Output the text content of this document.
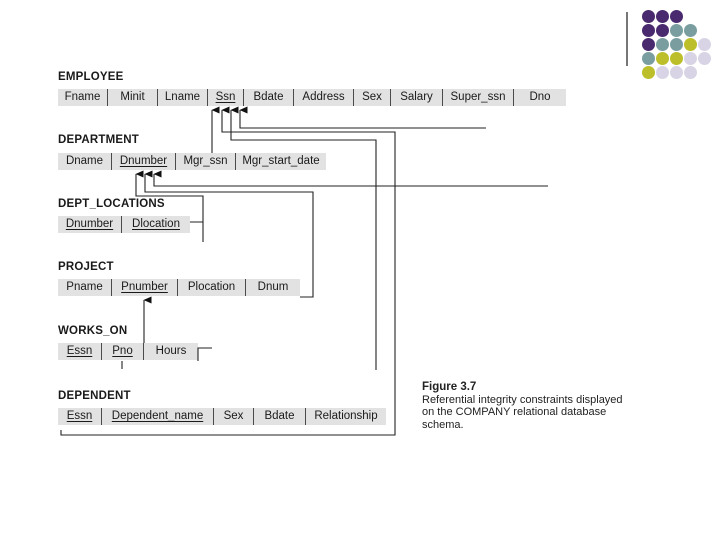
EMPLOYEE
Fname	Minit	Lname	Ssn	Bdate	Address	Sex	Salary	Super_ssn	Dno
DEPARTMENT
Dname	Dnumber	Mgr_ssn	Mgr_start_date
DEPT_LOCATIONS
Dnumber	Dlocation
PROJECT
Pname	Pnumber	Plocation	Dnum
WORKS_ON
Essn	Pno	Hours
DEPENDENT
Essn	Dependent_name	Sex	Bdate	Relationship
Figure 3.7
Referential integrity constraints displayed
on the COMPANY relational database
schema.
